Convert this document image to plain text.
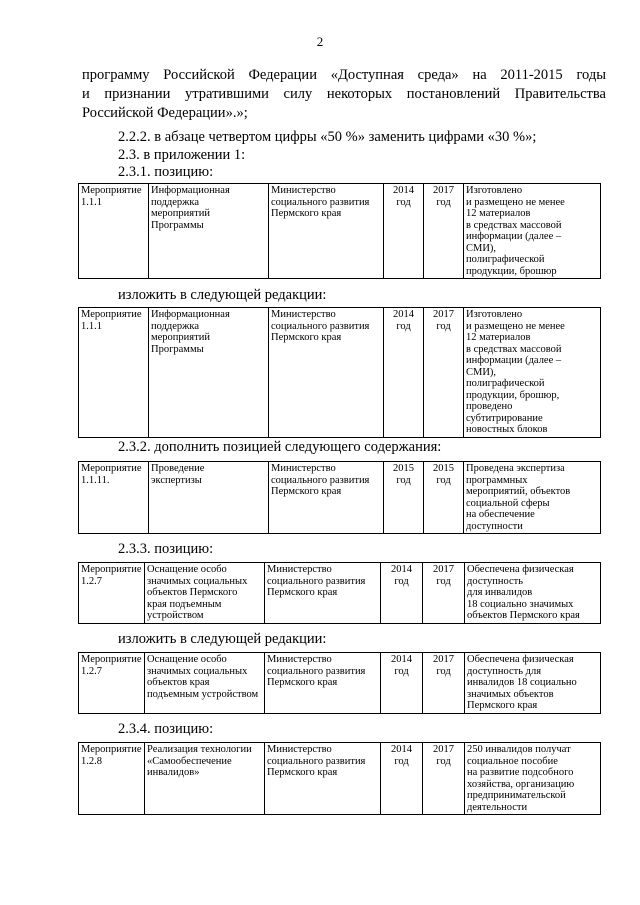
2
программу Российской Федерации «Доступная среда» на 2011-2015 годы
и признании утратившими силу некоторых постановлений Правительства
Российской Федерации».»;
2.2.2. в абзаце четвертом цифры «50 %» заменить цифрами «30 %»;
2.3. в приложении 1:
2.3.1. позицию:
Мероприятие
1.1.1	Информационная
поддержка
мероприятий
Программы	Министерство
социального развития
Пермского края	2014
год	2017
год	Изготовлено
и размещено не менее
12 материалов
в средствах массовой
информации (далее –
СМИ),
полиграфической
продукции, брошюр
изложить в следующей редакции:
Мероприятие
1.1.1	Информационная
поддержка
мероприятий
Программы	Министерство
социального развития
Пермского края	2014
год	2017
год	Изготовлено
и размещено не менее
12 материалов
в средствах массовой
информации (далее –
СМИ),
полиграфической
продукции, брошюр,
проведено
субтитрирование
новостных блоков
2.3.2. дополнить позицией следующего содержания:
Мероприятие
1.1.11.	Проведение
экспертизы	Министерство
социального развития
Пермского края	2015
год	2015
год	Проведена экспертиза
программных
мероприятий, объектов
социальной сферы
на обеспечение
доступности
2.3.3. позицию:
Мероприятие
1.2.7	Оснащение особо
значимых социальных
объектов Пермского
края подъемным
устройством	Министерство
социального развития
Пермского края	2014
год	2017
год	Обеспечена физическая
доступность
для инвалидов
18 социально значимых
объектов Пермского края
изложить в следующей редакции:
Мероприятие
1.2.7	Оснащение особо
значимых социальных
объектов края
подъемным устройством	Министерство
социального развития
Пермского края	2014
год	2017
год	Обеспечена физическая
доступность для
инвалидов 18 социально
значимых объектов
Пермского края
2.3.4. позицию:
Мероприятие
1.2.8	Реализация технологии
«Самообеспечение
инвалидов»	Министерство
социального развития
Пермского края	2014
год	2017
год	250 инвалидов получат
социальное пособие
на развитие подсобного
хозяйства, организацию
предпринимательской
деятельности
